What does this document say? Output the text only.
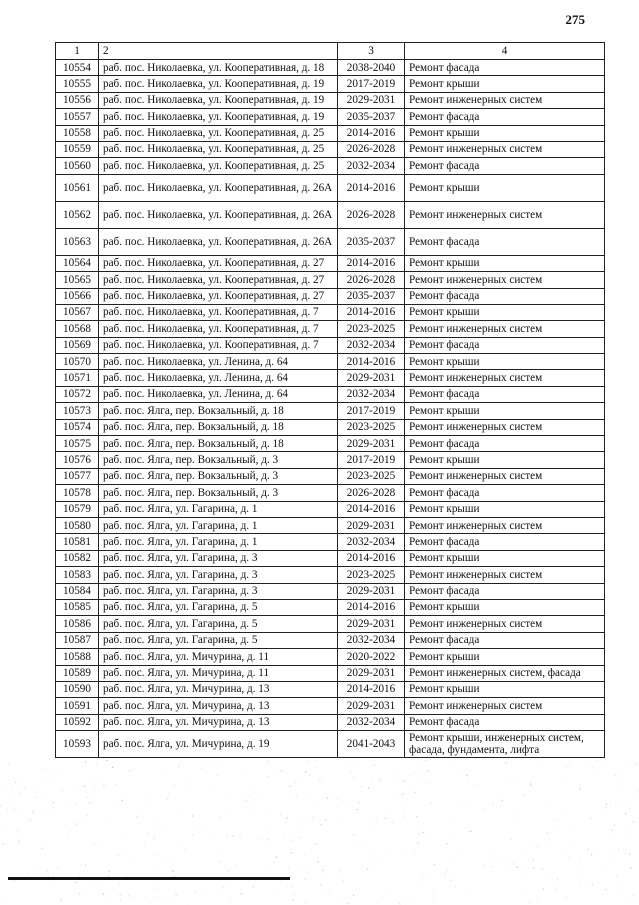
275
1	2	3	4
10554	раб. пос. Николаевка, ул. Кооперативная, д. 18	2038-2040	Ремонт фасада
10555	раб. пос. Николаевка, ул. Кооперативная, д. 19	2017-2019	Ремонт крыши
10556	раб. пос. Николаевка, ул. Кооперативная, д. 19	2029-2031	Ремонт инженерных систем
10557	раб. пос. Николаевка, ул. Кооперативная, д. 19	2035-2037	Ремонт фасада
10558	раб. пос. Николаевка, ул. Кооперативная, д. 25	2014-2016	Ремонт крыши
10559	раб. пос. Николаевка, ул. Кооперативная, д. 25	2026-2028	Ремонт инженерных систем
10560	раб. пос. Николаевка, ул. Кооперативная, д. 25	2032-2034	Ремонт фасада
10561	раб. пос. Николаевка, ул. Кооперативная, д. 26А	2014-2016	Ремонт крыши
10562	раб. пос. Николаевка, ул. Кооперативная, д. 26А	2026-2028	Ремонт инженерных систем
10563	раб. пос. Николаевка, ул. Кооперативная, д. 26А	2035-2037	Ремонт фасада
10564	раб. пос. Николаевка, ул. Кооперативная, д. 27	2014-2016	Ремонт крыши
10565	раб. пос. Николаевка, ул. Кооперативная, д. 27	2026-2028	Ремонт инженерных систем
10566	раб. пос. Николаевка, ул. Кооперативная, д. 27	2035-2037	Ремонт фасада
10567	раб. пос. Николаевка, ул. Кооперативная, д. 7	2014-2016	Ремонт крыши
10568	раб. пос. Николаевка, ул. Кооперативная, д. 7	2023-2025	Ремонт инженерных систем
10569	раб. пос. Николаевка, ул. Кооперативная, д. 7	2032-2034	Ремонт фасада
10570	раб. пос. Николаевка, ул. Ленина, д. 64	2014-2016	Ремонт крыши
10571	раб. пос. Николаевка, ул. Ленина, д. 64	2029-2031	Ремонт инженерных систем
10572	раб. пос. Николаевка, ул. Ленина, д. 64	2032-2034	Ремонт фасада
10573	раб. пос. Ялга, пер. Вокзальный, д. 18	2017-2019	Ремонт крыши
10574	раб. пос. Ялга, пер. Вокзальный, д. 18	2023-2025	Ремонт инженерных систем
10575	раб. пос. Ялга, пер. Вокзальный, д. 18	2029-2031	Ремонт фасада
10576	раб. пос. Ялга, пер. Вокзальный, д. 3	2017-2019	Ремонт крыши
10577	раб. пос. Ялга, пер. Вокзальный, д. 3	2023-2025	Ремонт инженерных систем
10578	раб. пос. Ялга, пер. Вокзальный, д. 3	2026-2028	Ремонт фасада
10579	раб. пос. Ялга, ул. Гагарина, д. 1	2014-2016	Ремонт крыши
10580	раб. пос. Ялга, ул. Гагарина, д. 1	2029-2031	Ремонт инженерных систем
10581	раб. пос. Ялга, ул. Гагарина, д. 1	2032-2034	Ремонт фасада
10582	раб. пос. Ялга, ул. Гагарина, д. 3	2014-2016	Ремонт крыши
10583	раб. пос. Ялга, ул. Гагарина, д. 3	2023-2025	Ремонт инженерных систем
10584	раб. пос. Ялга, ул. Гагарина, д. 3	2029-2031	Ремонт фасада
10585	раб. пос. Ялга, ул. Гагарина, д. 5	2014-2016	Ремонт крыши
10586	раб. пос. Ялга, ул. Гагарина, д. 5	2029-2031	Ремонт инженерных систем
10587	раб. пос. Ялга, ул. Гагарина, д. 5	2032-2034	Ремонт фасада
10588	раб. пос. Ялга, ул. Мичурина, д. 11	2020-2022	Ремонт крыши
10589	раб. пос. Ялга, ул. Мичурина, д. 11	2029-2031	Ремонт инженерных систем, фасада
10590	раб. пос. Ялга, ул. Мичурина, д. 13	2014-2016	Ремонт крыши
10591	раб. пос. Ялга, ул. Мичурина, д. 13	2029-2031	Ремонт инженерных систем
10592	раб. пос. Ялга, ул. Мичурина, д. 13	2032-2034	Ремонт фасада
10593	раб. пос. Ялга, ул. Мичурина, д. 19	2041-2043	Ремонт крыши, инженерных систем, фасада, фундамента, лифта
